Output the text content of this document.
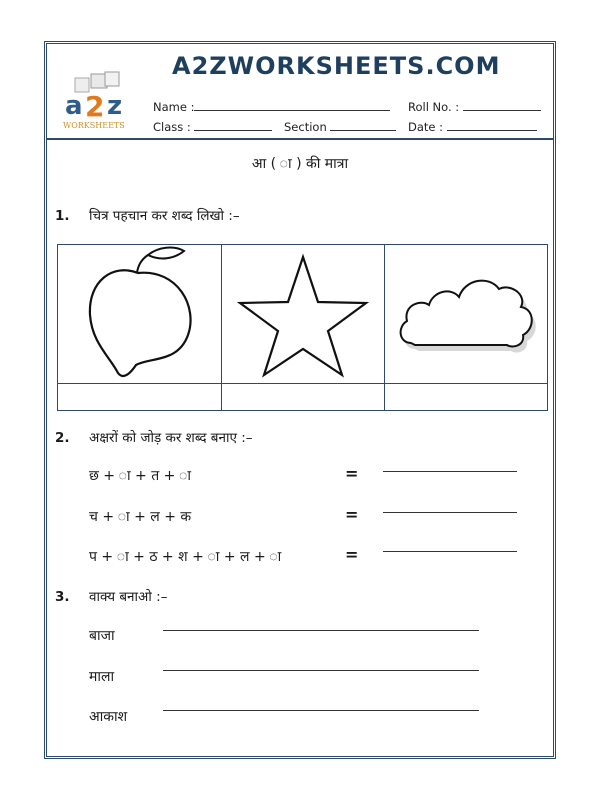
a 2 z
WORKSHEETS
A2ZWORKSHEETS.COM
Name :	Roll No. :
Class :	Section	Date :
आ ( ा ) की मात्रा
1. चित्र पहचान कर शब्द लिखो :–
2. अक्षरों को जोड़ कर शब्द बनाए :–
छ + ा + त + ा	=
च + ा + ल + क	=
प + ा + ठ + श + ा + ल + ा	=
3. वाक्य बनाओ :–
बाजा
माला
आकाश
